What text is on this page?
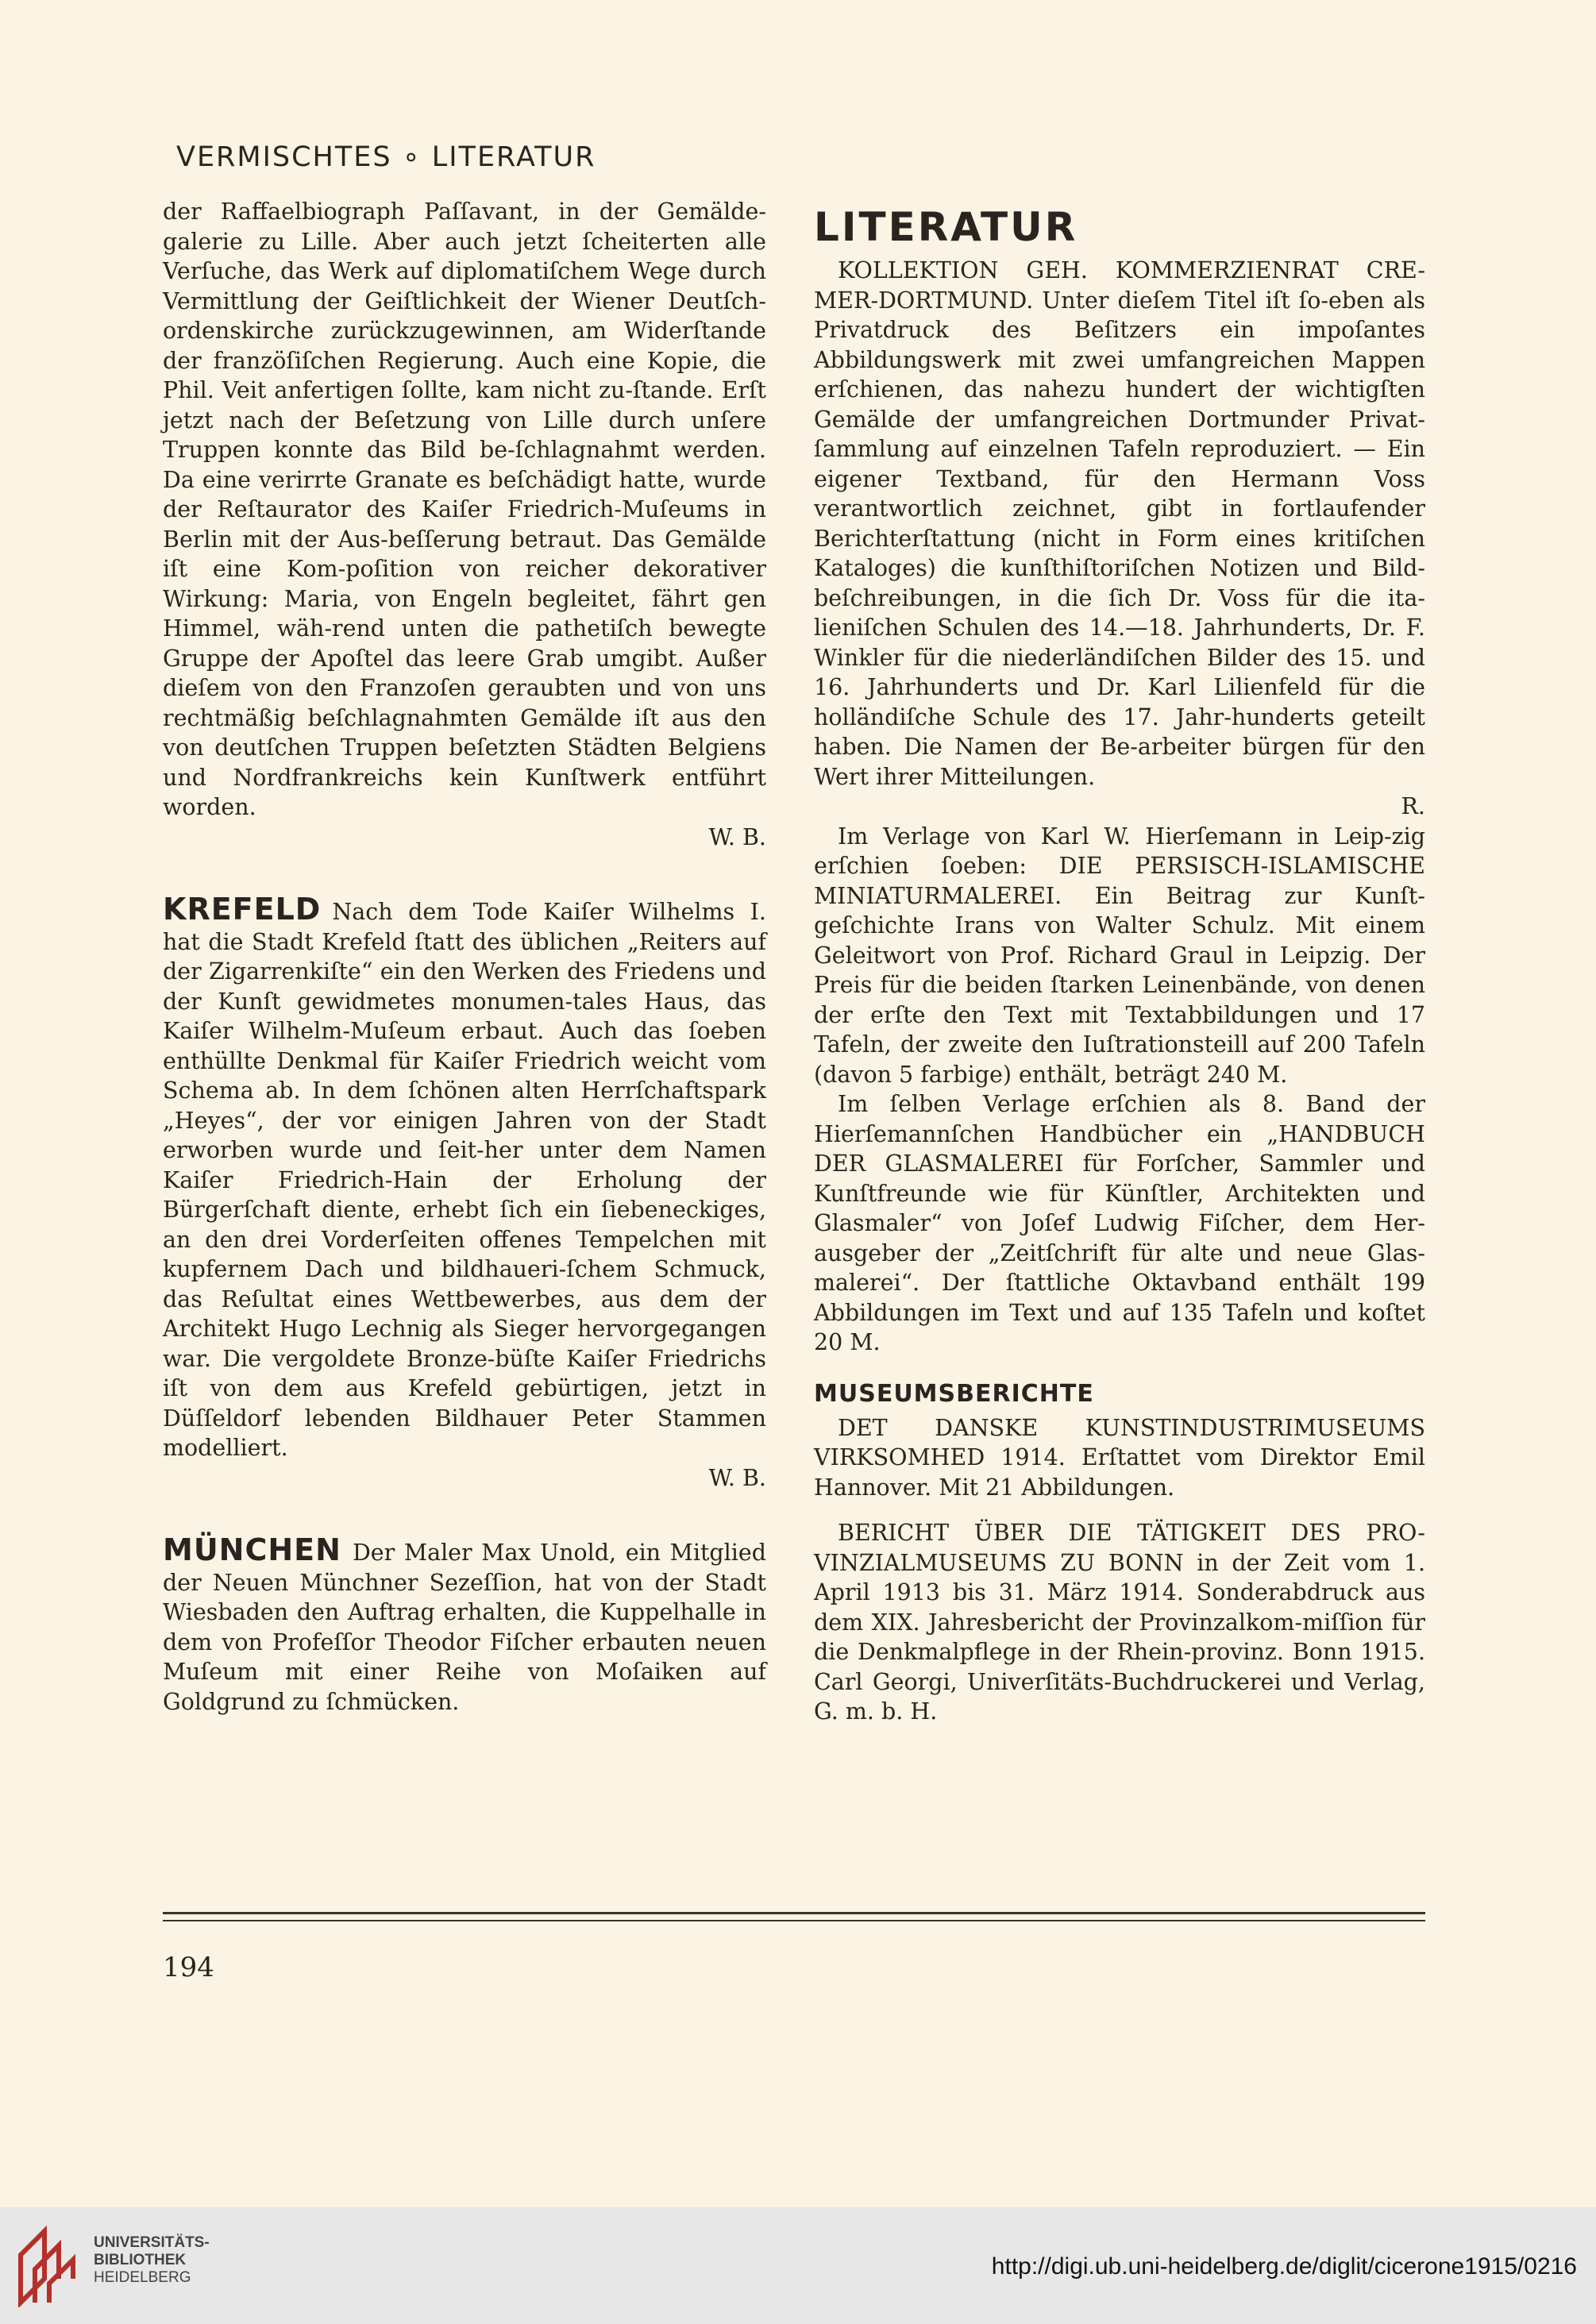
VERMISCHTES ∘ LITERATUR

der Raffaelbiograph Paſſavant, in der Gemälde-galerie zu Lille. Aber auch jetzt ſcheiterten alle Verſuche, das Werk auf diplomatiſchem Wege durch Vermittlung der Geiſtlichkeit der Wiener Deutſch-ordenskirche zurückzugewinnen, am Widerſtande der franzöſiſchen Regierung. Auch eine Kopie, die Phil. Veit anfertigen ſollte, kam nicht zu-ſtande. Erſt jetzt nach der Beſetzung von Lille durch unſere Truppen konnte das Bild be-ſchlagnahmt werden. Da eine verirrte Granate es beſchädigt hatte, wurde der Reſtaurator des Kaiſer Friedrich-Muſeums in Berlin mit der Aus-beſſerung betraut. Das Gemälde iſt eine Kom-poſition von reicher dekorativer Wirkung: Maria, von Engeln begleitet, fährt gen Himmel, wäh-rend unten die pathetiſch bewegte Gruppe der Apoſtel das leere Grab umgibt. Außer dieſem von den Franzoſen geraubten und von uns rechtmäßig beſchlagnahmten Gemälde iſt aus den von deutſchen Truppen beſetzten Städten Belgiens und Nordfrankreichs kein Kunſtwerk entführt worden.

W. B.

KREFELD Nach dem Tode Kaiſer Wilhelms I. hat die Stadt Krefeld ſtatt des üblichen „Reiters auf der Zigarrenkiſte“ ein den Werken des Friedens und der Kunſt gewidmetes monumen-tales Haus, das Kaiſer Wilhelm-Muſeum erbaut. Auch das ſoeben enthüllte Denkmal für Kaiſer Friedrich weicht vom Schema ab. In dem ſchönen alten Herrſchaftspark „Heyes“, der vor einigen Jahren von der Stadt erworben wurde und ſeit-her unter dem Namen Kaiſer Friedrich-Hain der Erholung der Bürgerſchaft diente, erhebt ſich ein ſiebeneckiges, an den drei Vorderſeiten offenes Tempelchen mit kupfernem Dach und bildhaueri-ſchem Schmuck, das Reſultat eines Wettbewerbes, aus dem der Architekt Hugo Lechnig als Sieger hervorgegangen war. Die vergoldete Bronze-büſte Kaiſer Friedrichs iſt von dem aus Krefeld gebürtigen, jetzt in Düſſeldorf lebenden Bildhauer Peter Stammen modelliert.

W. B.

MÜNCHEN Der Maler Max Unold, ein Mitglied der Neuen Münchner Sezeſſion, hat von der Stadt Wiesbaden den Auftrag erhalten, die Kuppelhalle in dem von Profeſſor Theodor Fiſcher erbauten neuen Muſeum mit einer Reihe von Moſaiken auf Goldgrund zu ſchmücken.

LITERATUR

KOLLEKTION GEH. KOMMERZIENRAT CRE-MER-DORTMUND. Unter dieſem Titel iſt ſo-eben als Privatdruck des Beſitzers ein impoſantes Abbildungswerk mit zwei umfangreichen Mappen erſchienen, das nahezu hundert der wichtigſten Gemälde der umfangreichen Dortmunder Privat-ſammlung auf einzelnen Tafeln reproduziert. — Ein eigener Textband, für den Hermann Voss verantwortlich zeichnet, gibt in fortlaufender Berichterſtattung (nicht in Form eines kritiſchen Kataloges) die kunſthiſtoriſchen Notizen und Bild-beſchreibungen, in die ſich Dr. Voss für die ita-lieniſchen Schulen des 14.—18. Jahrhunderts, Dr. F. Winkler für die niederländiſchen Bilder des 15. und 16. Jahrhunderts und Dr. Karl Lilienfeld für die holländiſche Schule des 17. Jahr-hunderts geteilt haben. Die Namen der Be-arbeiter bürgen für den Wert ihrer Mitteilungen.

R.

Im Verlage von Karl W. Hierſemann in Leip-zig erſchien ſoeben: DIE PERSISCH-ISLAMISCHE MINIATURMALEREI. Ein Beitrag zur Kunſt-geſchichte Irans von Walter Schulz. Mit einem Geleitwort von Prof. Richard Graul in Leipzig. Der Preis für die beiden ſtarken Leinenbände, von denen der erſte den Text mit Textabbildungen und 17 Tafeln, der zweite den Iuſtrationsteill auf 200 Tafeln (davon 5 farbige) enthält, beträgt 240 M.

Im ſelben Verlage erſchien als 8. Band der Hierſemannſchen Handbücher ein „HANDBUCH DER GLASMALEREI für Forſcher, Sammler und Kunſtfreunde wie für Künſtler, Architekten und Glasmaler“ von Joſef Ludwig Fiſcher, dem Her-ausgeber der „Zeitſchrift für alte und neue Glas-malerei“. Der ſtattliche Oktavband enthält 199 Abbildungen im Text und auf 135 Tafeln und koſtet 20 M.

MUSEUMSBERICHTE

DET DANSKE KUNSTINDUSTRIMUSEUMS VIRKSOMHED 1914. Erſtattet vom Direktor Emil Hannover. Mit 21 Abbildungen.

BERICHT ÜBER DIE TÄTIGKEIT DES PRO-VINZIALMUSEUMS ZU BONN in der Zeit vom 1. April 1913 bis 31. März 1914. Sonderabdruck aus dem XIX. Jahresbericht der Provinzalkom-miſſion für die Denkmalpflege in der Rhein-provinz. Bonn 1915. Carl Georgi, Univerſitäts-Buchdruckerei und Verlag, G. m. b. H.

194
UNIVERSITÄTS-
BIBLIOTHEK
HEIDELBERG	http://digi.ub.uni-heidelberg.de/diglit/cicerone1915/0216
